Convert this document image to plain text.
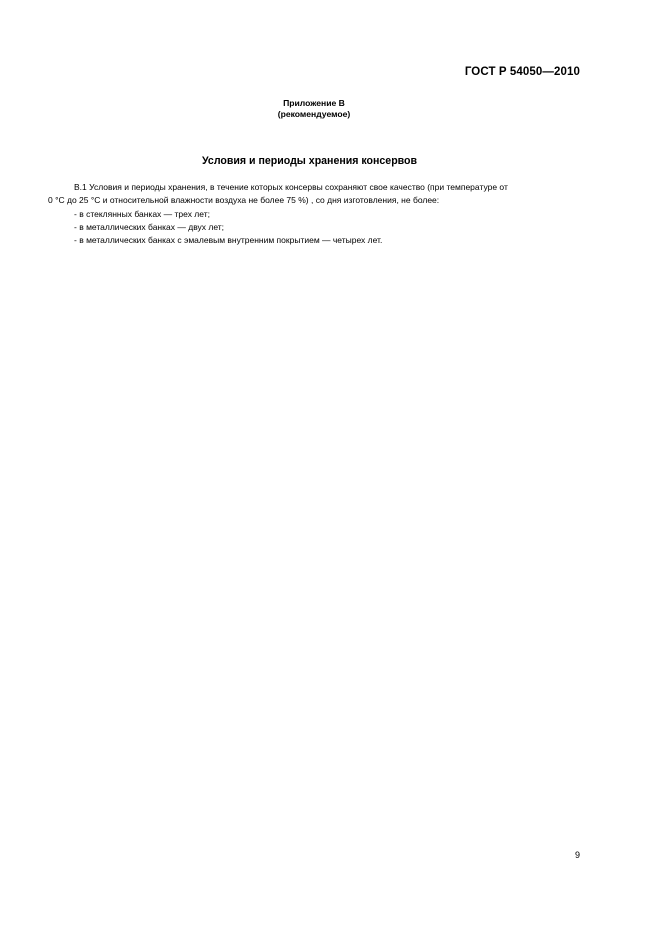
ГОСТ Р 54050—2010
Приложение В
(рекомендуемое)
Условия и периоды хранения консервов
В.1 Условия и периоды хранения, в течение которых консервы сохраняют свое качество (при температуре от
0 °С до 25 °С и относительной влажности воздуха не более 75 %) , со дня изготовления, не более:
- в стеклянных банках — трех лет;
- в металлических банках — двух лет;
- в металлических банках с эмалевым внутренним покрытием — четырех лет.
9
